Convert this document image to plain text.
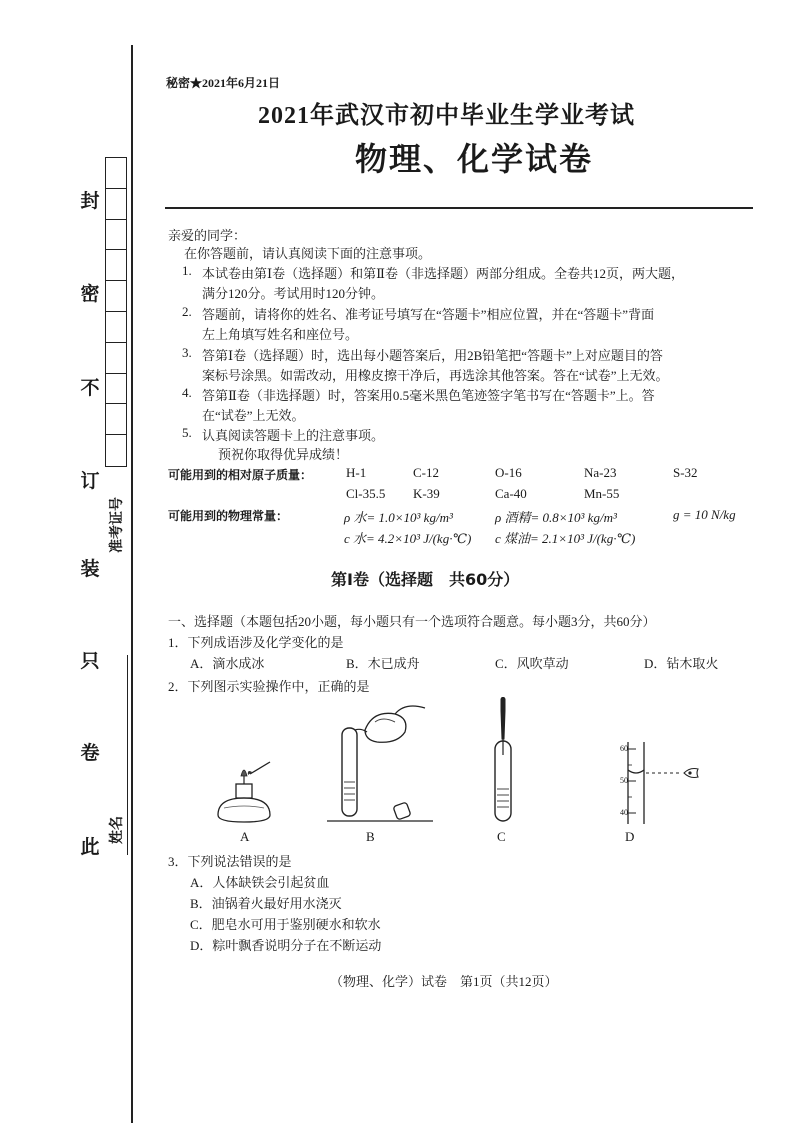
封
密
不
订
装
只
卷
此
准考证号
姓名
秘密★2021年6月21日
2021年武汉市初中毕业生学业考试
物理、化学试卷
亲爱的同学：
在你答题前，请认真阅读下面的注意事项。
1. 本试卷由第Ⅰ卷（选择题）和第Ⅱ卷（非选择题）两部分组成。全卷共12页，两大题，
满分120分。考试用时120分钟。
2. 答题前，请将你的姓名、准考证号填写在“答题卡”相应位置，并在“答题卡”背面
左上角填写姓名和座位号。
3. 答第Ⅰ卷（选择题）时，选出每小题答案后，用2B铅笔把“答题卡”上对应题目的答
案标号涂黑。如需改动，用橡皮擦干净后，再选涂其他答案。答在“试卷”上无效。
4. 答第Ⅱ卷（非选择题）时，答案用0.5毫米黑色笔迹签字笔书写在“答题卡”上。答
在“试卷”上无效。
5. 认真阅读答题卡上的注意事项。
预祝你取得优异成绩！
可能用到的相对原子质量：	H-1	C-12	O-16	Na-23	S-32
Cl-35.5 K-39	Ca-40	Mn-55
可能用到的物理常量：	ρ 水= 1.0×10³ kg/m³	ρ 酒精= 0.8×10³ kg/m³	g = 10 N/kg
c 水= 4.2×10³ J/(kg·℃) c 煤油= 2.1×10³ J/(kg·℃)
第Ⅰ卷（选择题　共60分）
一、选择题（本题包括20小题，每小题只有一个选项符合题意。每小题3分，共60分）
1．下列成语涉及化学变化的是
A．滴水成冰	B．木已成舟	C．风吹草动	D．钻木取火
2．下列图示实验操作中，正确的是
A	B	C
60
50
40
D
3．下列说法错误的是
A．人体缺铁会引起贫血
B．油锅着火最好用水浇灭
C．肥皂水可用于鉴别硬水和软水
D．粽叶飘香说明分子在不断运动
（物理、化学）试卷　第1页（共12页）
